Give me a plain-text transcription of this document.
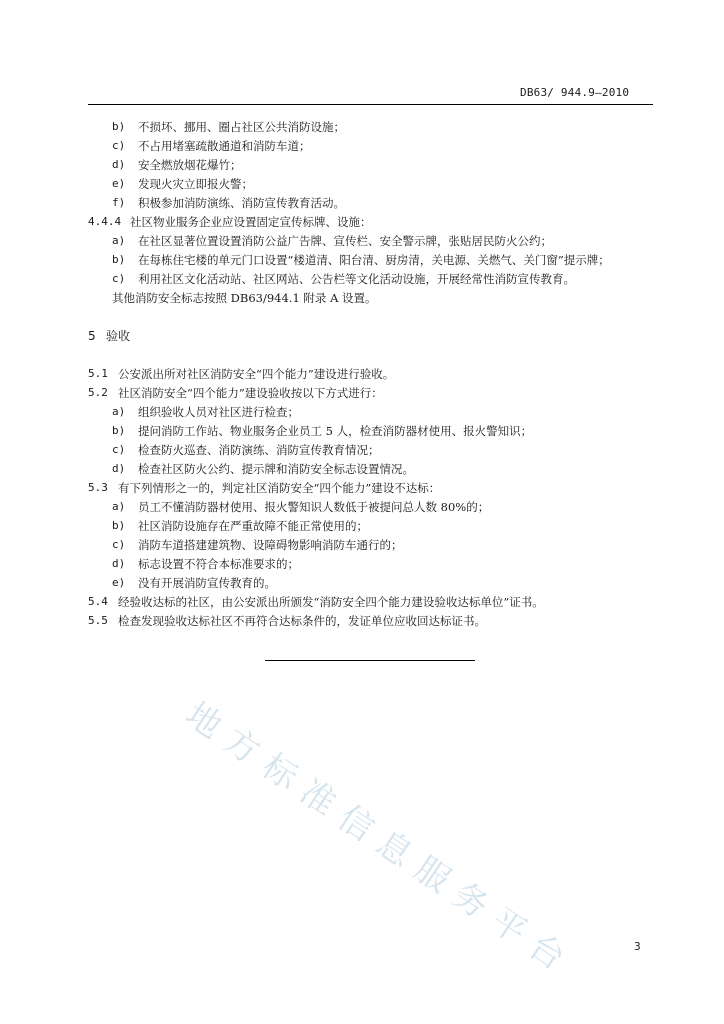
DB63/ 944.9—2010
b) 不损坏、挪用、圈占社区公共消防设施；
c) 不占用堵塞疏散通道和消防车道；
d) 安全燃放烟花爆竹；
e) 发现火灾立即报火警；
f) 积极参加消防演练、消防宣传教育活动。
4.4.4 社区物业服务企业应设置固定宣传标牌、设施：
a) 在社区显著位置设置消防公益广告牌、宣传栏、安全警示牌，张贴居民防火公约；
b) 在每栋住宅楼的单元门口设置“楼道清、阳台清、厨房清，关电源、关燃气、关门窗”提示牌；
c) 利用社区文化活动站、社区网站、公告栏等文化活动设施，开展经常性消防宣传教育。
其他消防安全标志按照 DB63/944.1 附录 A 设置。
5 验收
5.1 公安派出所对社区消防安全“四个能力”建设进行验收。
5.2 社区消防安全“四个能力”建设验收按以下方式进行：
a) 组织验收人员对社区进行检查；
b) 提问消防工作站、物业服务企业员工 5 人，检查消防器材使用、报火警知识；
c) 检查防火巡查、消防演练、消防宣传教育情况；
d) 检查社区防火公约、提示牌和消防安全标志设置情况。
5.3 有下列情形之一的，判定社区消防安全“四个能力”建设不达标：
a) 员工不懂消防器材使用、报火警知识人数低于被提问总人数 80%的；
b) 社区消防设施存在严重故障不能正常使用的；
c) 消防车道搭建建筑物、设障碍物影响消防车通行的；
d) 标志设置不符合本标准要求的；
e) 没有开展消防宣传教育的。
5.4 经验收达标的社区，由公安派出所颁发“消防安全四个能力建设验收达标单位”证书。
5.5 检查发现验收达标社区不再符合达标条件的，发证单位应收回达标证书。
地方标准信息服务平台	3
